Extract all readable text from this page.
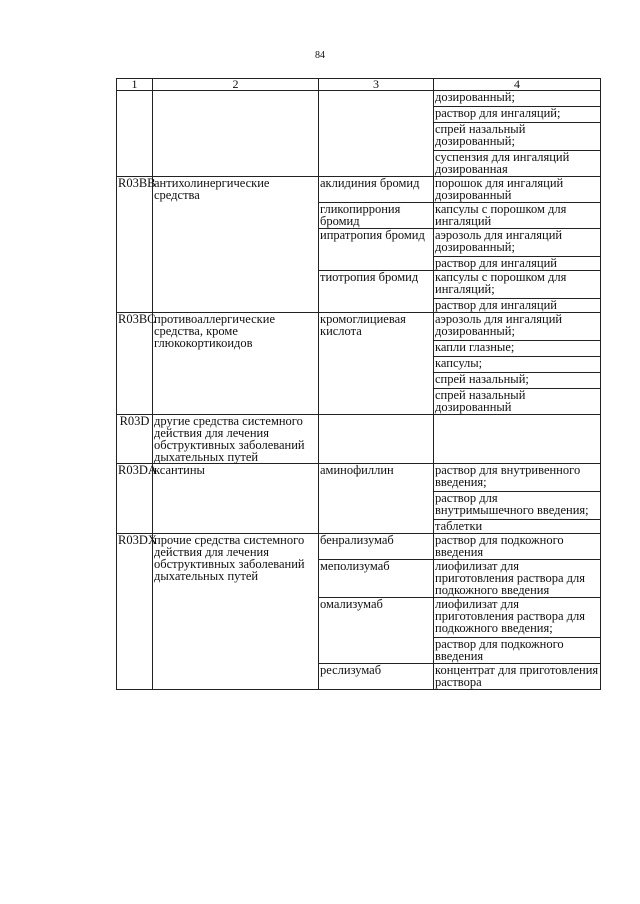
84
1	2	3	4

			дозированный;
раствор для ингаляций;
спрей назальный дозированный;
суспензия для ингаляций дозированная

R03BB	антихолинергические средства	аклидиния бромид	порошок для ингаляций дозированный

		гликопиррония бромид	капсулы с порошком для ингаляций

		ипратропия бромид	аэрозоль для ингаляций дозированный;
раствор для ингаляций

		тиотропия бромид	капсулы с порошком для ингаляций;
раствор для ингаляций

R03BC	противоаллергические средства, кроме глюкокортикоидов	кромоглициевая кислота	аэрозоль для ингаляций дозированный;
капли глазные;
капсулы;
спрей назальный;
спрей назальный дозированный

R03D	другие средства системного действия для лечения обструктивных заболеваний дыхательных путей		

R03DA	ксантины	аминофиллин	раствор для внутривенного введения;
раствор для внутримышечного введения;
таблетки

R03DX	прочие средства системного действия для лечения обструктивных заболеваний дыхательных путей	бенрализумаб	раствор для подкожного введения

		меполизумаб	лиофилизат для приготовления раствора для подкожного введения

		омализумаб	лиофилизат для приготовления раствора для подкожного введения;
раствор для подкожного введения

		реслизумаб	концентрат для приготовления раствора
